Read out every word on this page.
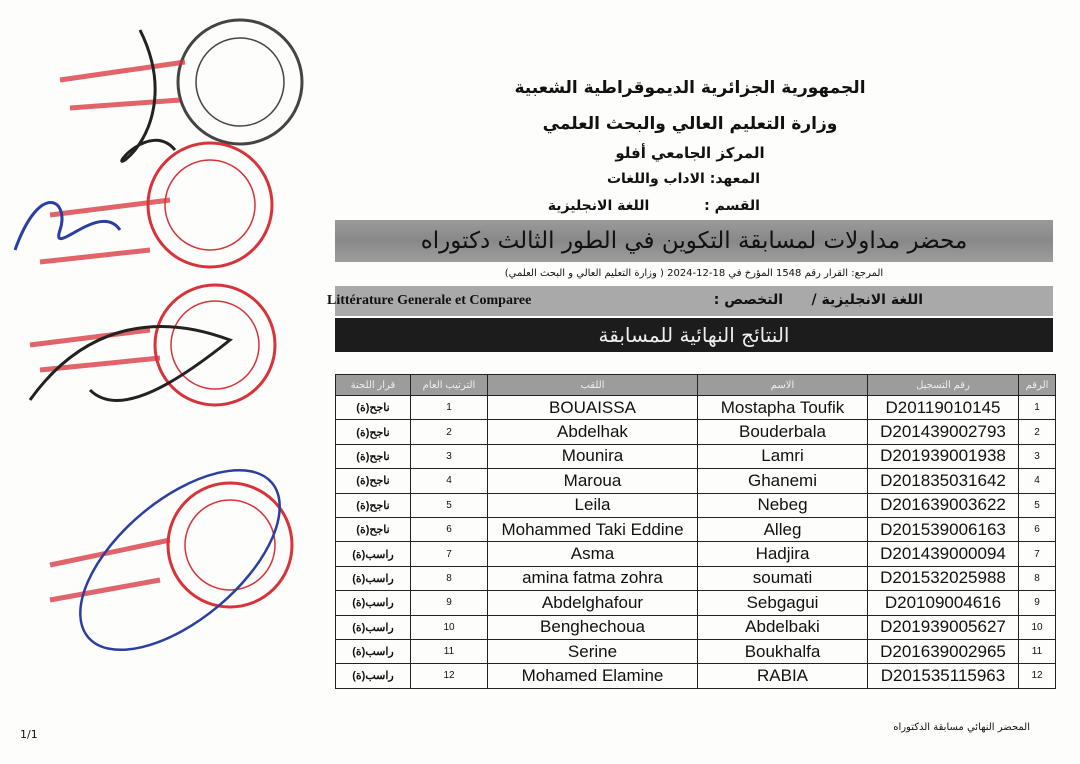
الجمهورية الجزائرية الديموقراطية الشعبية
وزارة التعليم العالي والبحث العلمي
المركز الجامعي أفلو
المعهد: الاداب واللغات
القسم : اللغة الانجليزية
محضر مداولات لمسابقة التكوين في الطور الثالث دكتوراه
المرجع: القرار رقم 1548 المؤرخ في 18-12-2024 ( وزارة التعليم العالي و البحث العلمي)
التخصص : اللغة الانجليزية /
Littérature Generale et Comparee
النتائج النهائية للمسابقة
قرار اللجنة	الترتيب العام	اللقب	الاسم	رقم التسجيل	الرقم
ناجح(ة)	1	BOUAISSA	Mostapha Toufik	D20119010145	1
ناجح(ة)	2	Abdelhak	Bouderbala	D201439002793	2
ناجح(ة)	3	Mounira	Lamri	D201939001938	3
ناجح(ة)	4	Maroua	Ghanemi	D201835031642	4
ناجح(ة)	5	Leila	Nebeg	D201639003622	5
ناجح(ة)	6	Mohammed Taki Eddine	Alleg	D201539006163	6
راسب(ة)	7	Asma	Hadjira	D201439000094	7
راسب(ة)	8	amina fatma zohra	soumati	D201532025988	8
راسب(ة)	9	Abdelghafour	Sebgagui	D20109004616	9
راسب(ة)	10	Benghechoua	Abdelbaki	D201939005627	10
راسب(ة)	11	Serine	Boukhalfa	D201639002965	11
راسب(ة)	12	Mohamed Elamine	RABIA	D201535115963	12
المحضر النهائي مسابقة الدكتوراه
1/1
